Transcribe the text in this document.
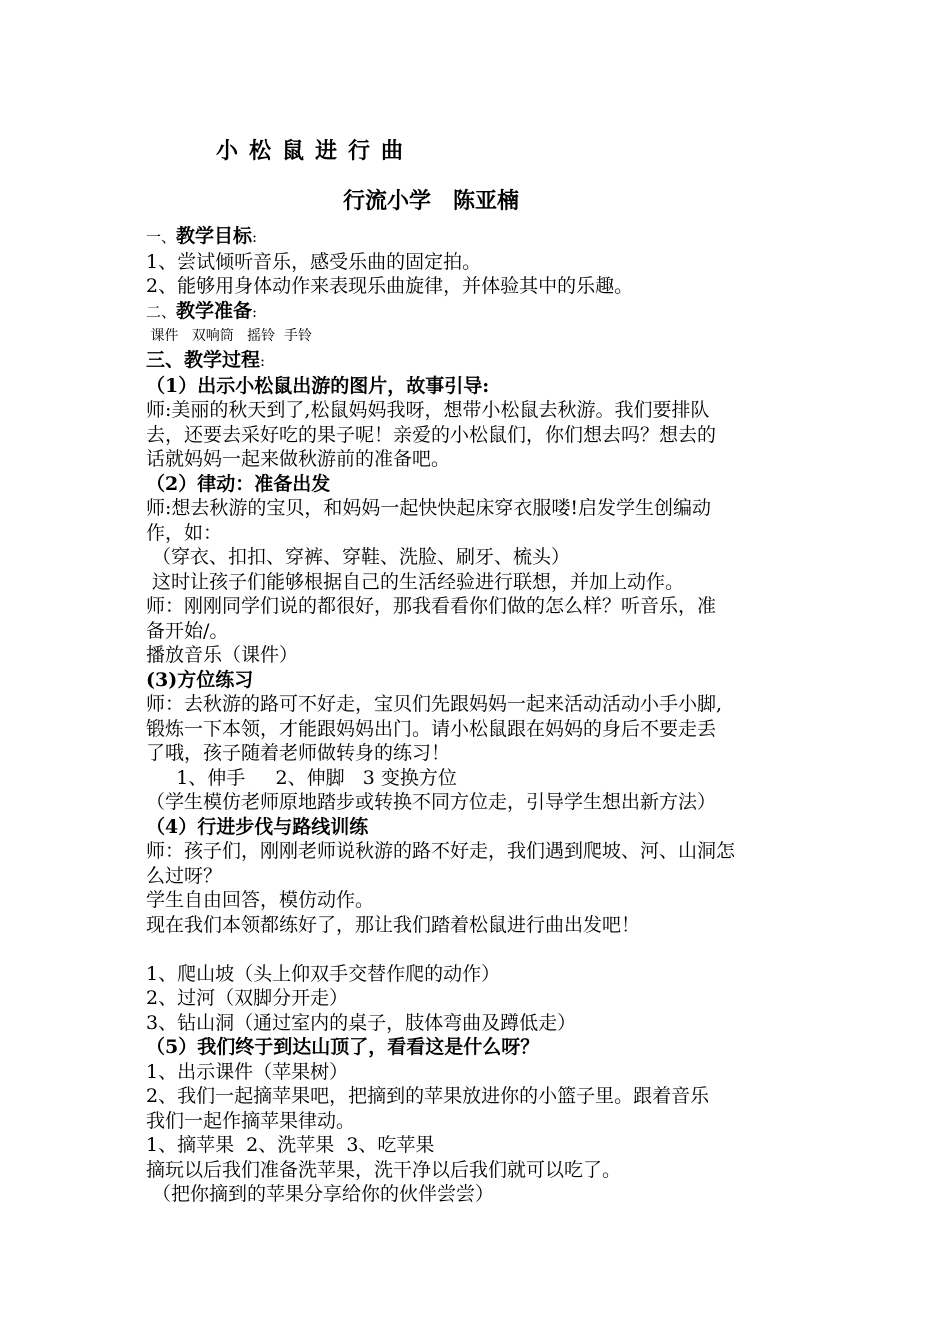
小松鼠进行曲
行流小学　陈亚楠

一、教学目标:

1、尝试倾听音乐，感受乐曲的固定拍。

2、能够用身体动作来表现乐曲旋律，并体验其中的乐趣。

二、教学准备:

课件   双响筒   摇铃  手铃

三、教学过程:

（1）出示小松鼠出游的图片，故事引导:

师:美丽的秋天到了,松鼠妈妈我呀，想带小松鼠去秋游。我们要排队

去，还要去采好吃的果子呢！亲爱的小松鼠们，你们想去吗？想去的

话就妈妈一起来做秋游前的准备吧。

（2）律动：准备出发

师:想去秋游的宝贝，和妈妈一起快快起床穿衣服喽!启发学生创编动

作，如：

（穿衣、扣扣、穿裤、穿鞋、洗脸、刷牙、梳头）

这时让孩子们能够根据自己的生活经验进行联想，并加上动作。

师：刚刚同学们说的都很好，那我看看你们做的怎么样？听音乐，准

备开始/。

播放音乐（课件）

(3)方位练习

师：去秋游的路可不好走，宝贝们先跟妈妈一起来活动活动小手小脚,

锻炼一下本领，才能跟妈妈出门。请小松鼠跟在妈妈的身后不要走丢

了哦，孩子随着老师做转身的练习！

1、伸手     2、伸脚   3 变换方位

（学生模仿老师原地踏步或转换不同方位走，引导学生想出新方法）

（4）行进步伐与路线训练

师：孩子们，刚刚老师说秋游的路不好走，我们遇到爬坡、河、山洞怎

么过呀？

学生自由回答，模仿动作。

现在我们本领都练好了，那让我们踏着松鼠进行曲出发吧！

1、爬山坡（头上仰双手交替作爬的动作）

2、过河（双脚分开走）

3、钻山洞（通过室内的桌子，肢体弯曲及蹲低走）

（5）我们终于到达山顶了，看看这是什么呀？

1、出示课件（苹果树）

2、我们一起摘苹果吧，把摘到的苹果放进你的小篮子里。跟着音乐

我们一起作摘苹果律动。

1、摘苹果  2、洗苹果  3、吃苹果

摘玩以后我们准备洗苹果，洗干净以后我们就可以吃了。

（把你摘到的苹果分享给你的伙伴尝尝）
